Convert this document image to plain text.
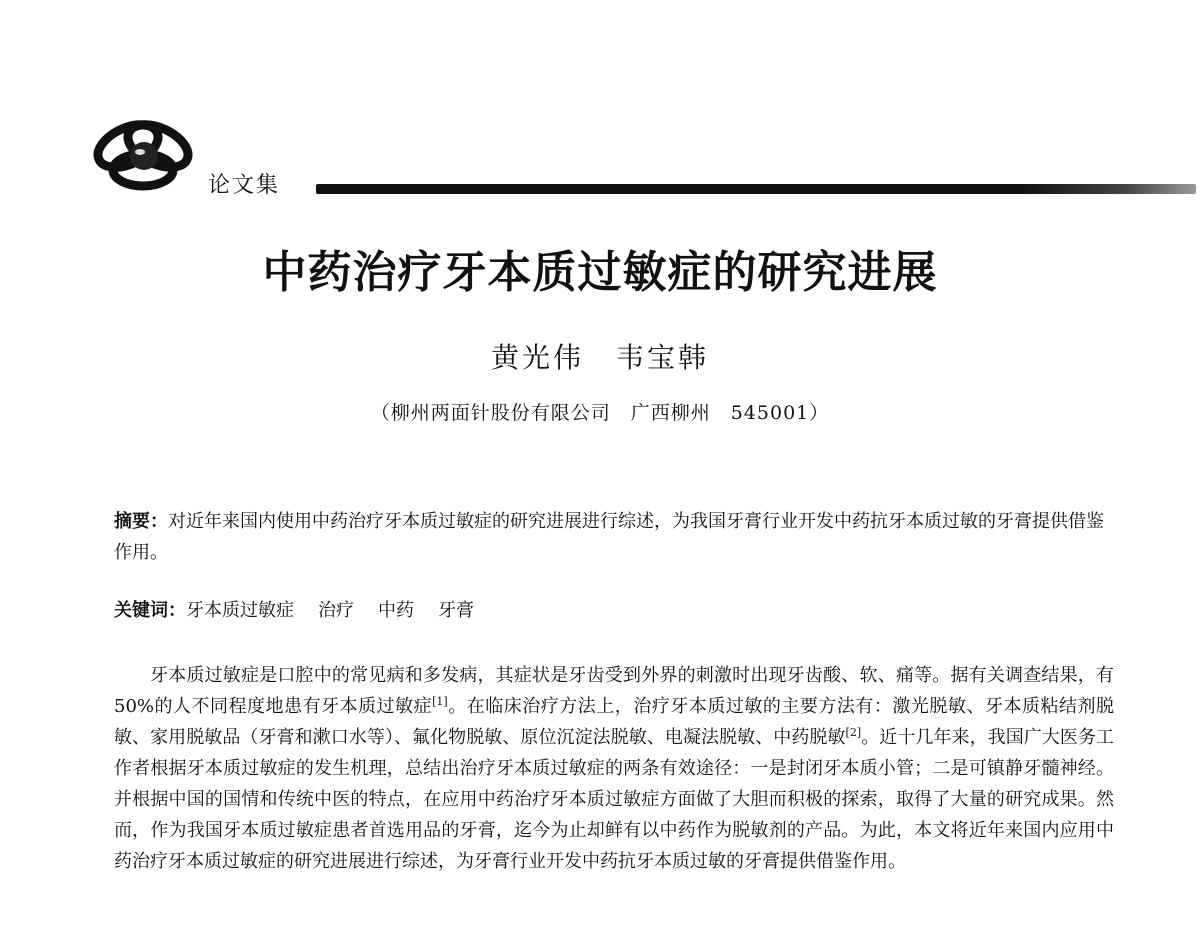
论文集
中药治疗牙本质过敏症的研究进展
黄光伟 韦宝韩
（柳州两面针股份有限公司　广西柳州　545001）
摘要：对近年来国内使用中药治疗牙本质过敏症的研究进展进行综述，为我国牙膏行业开发中药抗牙本质过敏的牙膏提供借鉴作用。
关键词：牙本质过敏症 治疗 中药 牙膏

牙本质过敏症是口腔中的常见病和多发病，其症状是牙齿受到外界的刺激时出现牙齿酸、软、痛等。据有关调查结果，有50%的人不同程度地患有牙本质过敏症[1]。在临床治疗方法上，治疗牙本质过敏的主要方法有：激光脱敏、牙本质粘结剂脱敏、家用脱敏品（牙膏和漱口水等）、氟化物脱敏、原位沉淀法脱敏、电凝法脱敏、中药脱敏[2]。近十几年来，我国广大医务工作者根据牙本质过敏症的发生机理，总结出治疗牙本质过敏症的两条有效途径：一是封闭牙本质小管；二是可镇静牙髓神经。并根据中国的国情和传统中医的特点，在应用中药治疗牙本质过敏症方面做了大胆而积极的探索，取得了大量的研究成果。然而，作为我国牙本质过敏症患者首选用品的牙膏，迄今为止却鲜有以中药作为脱敏剂的产品。为此，本文将近年来国内应用中药治疗牙本质过敏症的研究进展进行综述，为牙膏行业开发中药抗牙本质过敏的牙膏提供借鉴作用。
